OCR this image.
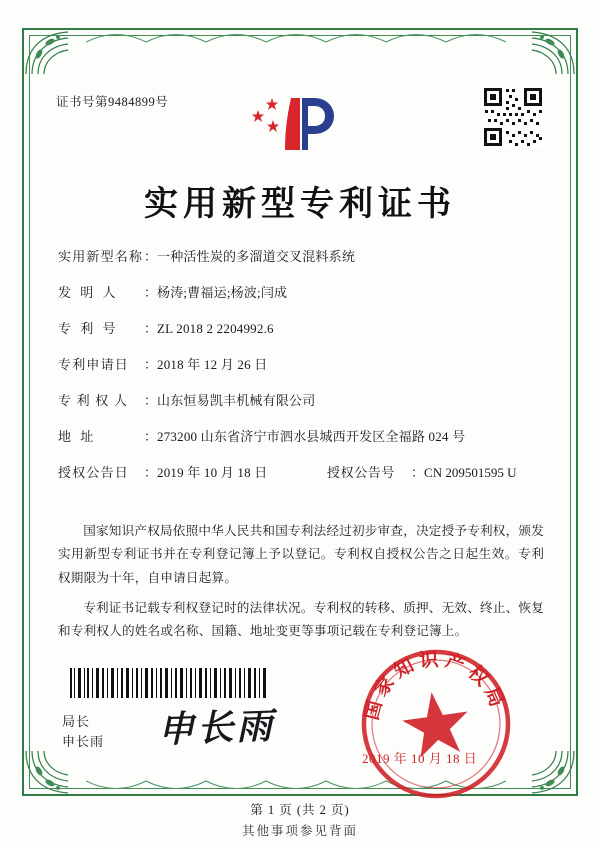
证书号第9484899号
实用新型专利证书
实用新型名称 ： 一种活性炭的多溜道交叉混料系统
发 明 人	： 杨涛;曹福运;杨波;闫成
专 利 号	： ZL 2018 2 2204992.6
专利申请日	： 2018 年 12 月 26 日
专 利 权 人	： 山东恒易凯丰机械有限公司
地 址	： 273200 山东省济宁市泗水县城西开发区全福路 024 号
授权公告日	： 2019 年 10 月 18 日	授权公告号	： CN 209501595 U

国家知识产权局依照中华人民共和国专利法经过初步审查，决定授予专利权，颁发实用新型专利证书并在专利登记簿上予以登记。专利权自授权公告之日起生效。专利权期限为十年，自申请日起算。

专利证书记载专利权登记时的法律状况。专利权的转移、质押、无效、终止、恢复和专利权人的姓名或名称、国籍、地址变更等事项记载在专利登记簿上。

局长
申长雨 申长雨	国家知识产权局
2019 年 10 月 18 日
第 1 页 (共 2 页)
其他事项参见背面
